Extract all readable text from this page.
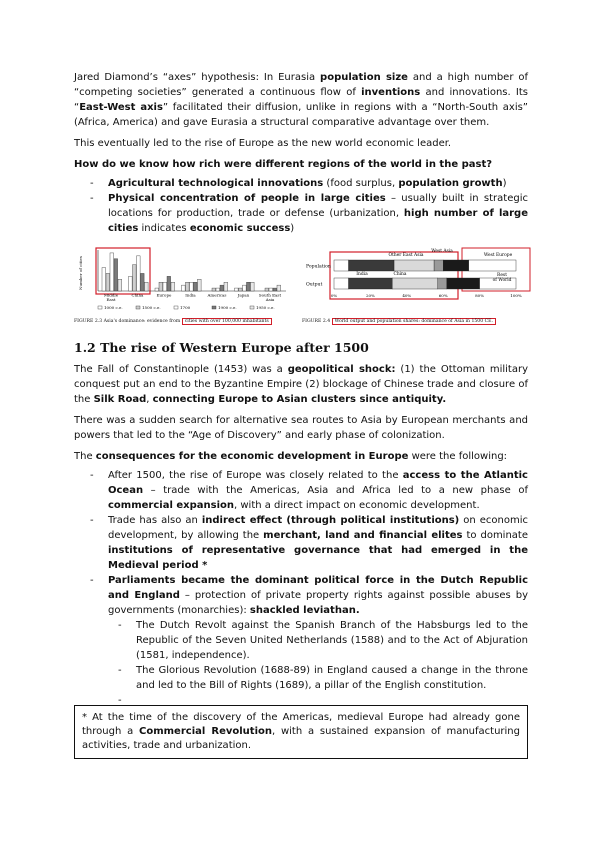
Jared Diamond’s “axes” hypothesis: In Eurasia population size and a high number of “competing societies” generated a continuous flow of inventions and innovations. Its “East-West axis” facilitated their diffusion, unlike in regions with a “North-South axis” (Africa, America) and gave Eurasia a structural comparative advantage over them.

This eventually led to the rise of Europe as the new world economic leader.

How do we know how rich were different regions of the world in the past?

- Agricultural technological innovations (food surplus, population growth)
- Physical concentration of people in large cities – usually built in strategic locations for production, trade or defense (urbanization, high number of large cities indicates economic success)
Number of cities
Middle East
China	Europe	India	Americas	Japan South East Asia
1000 c.e.	1500 c.e.	1700	1900 c.e.	1950 c.e.
FIGURE 2.3 Asia's dominance: evidence from cities with over 100,000 inhabitants
Population
Output
Other East Asia
West Asia
West Europe
India	China	Rest of World
0%	20%	40%	60%	80%	100%
FIGURE 2.4 World output and population shares: dominance of Asia in 1500 CE.
1.2 The rise of Western Europe after 1500

The Fall of Constantinople (1453) was a geopolitical shock: (1) the Ottoman military conquest put an end to the Byzantine Empire (2) blockage of Chinese trade and closure of the Silk Road, connecting Europe to Asian clusters since antiquity.

There was a sudden search for alternative sea routes to Asia by European merchants and powers that led to the “Age of Discovery” and early phase of colonization.

The consequences for the economic development in Europe were the following:

- After 1500, the rise of Europe was closely related to the access to the Atlantic Ocean – trade with the Americas, Asia and Africa led to a new phase of commercial expansion, with a direct impact on economic development.
- Trade has also an indirect effect (through political institutions) on economic development, by allowing the merchant, land and financial elites to dominate institutions of representative governance that had emerged in the Medieval period *
- Parliaments became the dominant political force in the Dutch Republic and England – protection of private property rights against possible abuses by governments (monarchies): shackled leviathan.
- The Dutch Revolt against the Spanish Branch of the Habsburgs led to the Republic of the Seven United Netherlands (1588) and to the Act of Abjuration (1581, independence).
- The Glorious Revolution (1688-89) in England caused a change in the throne and led to the Bill of Rights (1689), a pillar of the English constitution.

* At the time of the discovery of the Americas, medieval Europe had already gone through a Commercial Revolution, with a sustained expansion of manufacturing activities, trade and urbanization.
